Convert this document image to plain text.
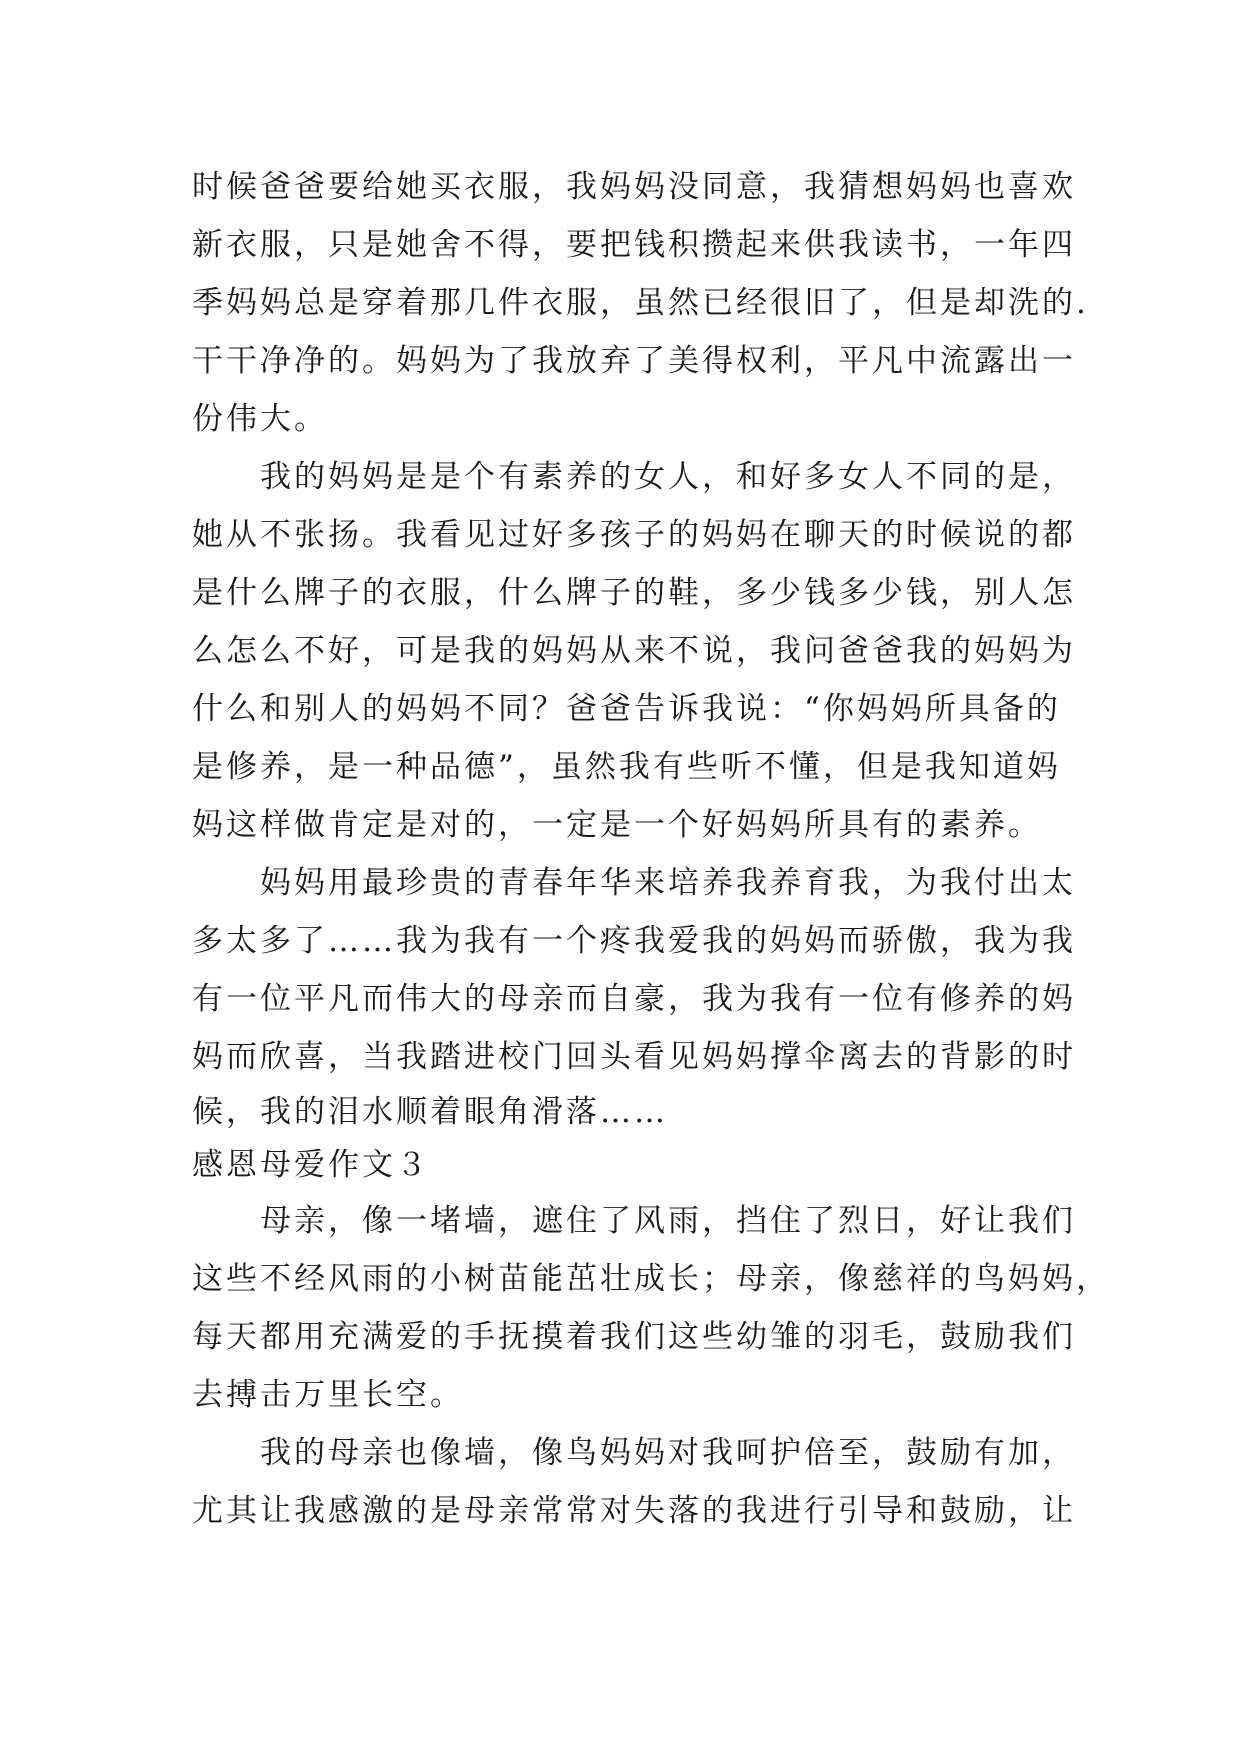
时候爸爸要给她买衣服，我妈妈没同意，我猜想妈妈也喜欢
新衣服，只是她舍不得，要把钱积攒起来供我读书，一年四
季妈妈总是穿着那几件衣服，虽然已经很旧了，但是却洗的.
干干净净的。妈妈为了我放弃了美得权利，平凡中流露出一
份伟大。
　　我的妈妈是是个有素养的女人，和好多女人不同的是，
她从不张扬。我看见过好多孩子的妈妈在聊天的时候说的都
是什么牌子的衣服，什么牌子的鞋，多少钱多少钱，别人怎
么怎么不好，可是我的妈妈从来不说，我问爸爸我的妈妈为
什么和别人的妈妈不同？爸爸告诉我说：“你妈妈所具备的
是修养，是一种品德”，虽然我有些听不懂，但是我知道妈
妈这样做肯定是对的，一定是一个好妈妈所具有的素养。
　　妈妈用最珍贵的青春年华来培养我养育我，为我付出太
多太多了……我为我有一个疼我爱我的妈妈而骄傲，我为我
有一位平凡而伟大的母亲而自豪，我为我有一位有修养的妈
妈而欣喜，当我踏进校门回头看见妈妈撑伞离去的背影的时
候，我的泪水顺着眼角滑落……
感恩母爱作文３
　　母亲，像一堵墙，遮住了风雨，挡住了烈日，好让我们
这些不经风雨的小树苗能茁壮成长；母亲，像慈祥的鸟妈妈，
每天都用充满爱的手抚摸着我们这些幼雏的羽毛，鼓励我们
去搏击万里长空。
　　我的母亲也像墙，像鸟妈妈对我呵护倍至，鼓励有加，
尤其让我感激的是母亲常常对失落的我进行引导和鼓励，让
